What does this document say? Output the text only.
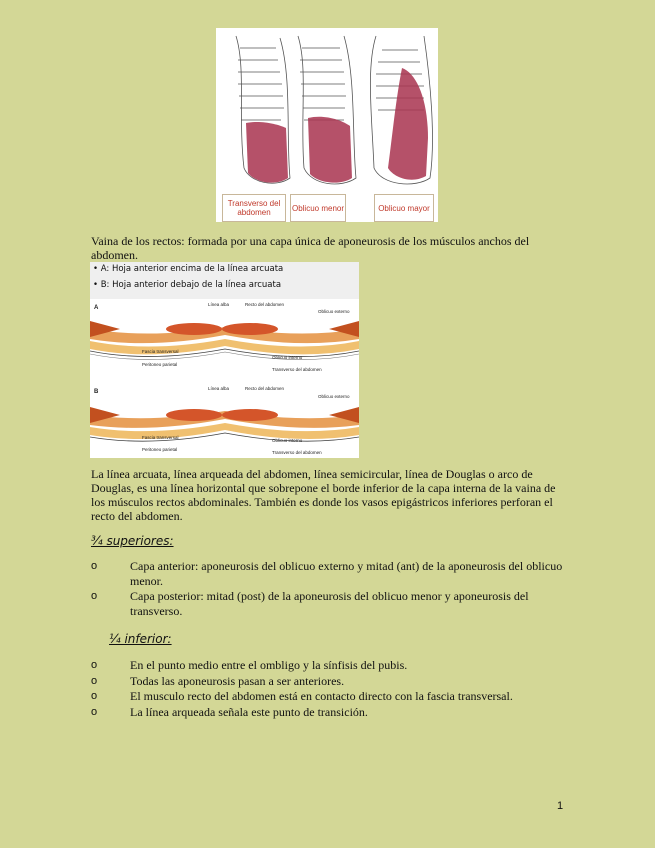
Transverso del abdomen	Oblicuo menor	Oblicuo mayor

Vaina de los rectos: formada por una capa única de aponeurosis de los músculos anchos del abdomen.

• A: Hoja anterior encima de la línea arcuata
• B: Hoja anterior debajo de la línea arcuata
A
Línea alba	Recto del abdomen
Oblicuo externo
Fascia transversal
Peritoneo parietal
Oblicuo interno
Transverso del abdomen
B
Línea alba	Recto del abdomen
Oblicuo externo
Fascia transversal
Peritoneo parietal
Oblicuo interno
Transverso del abdomen

La línea arcuata, línea arqueada del abdomen, línea semicircular, línea de Douglas o arco de Douglas, es una línea horizontal que sobrepone el borde inferior de la capa interna de la vaina de los músculos rectos abdominales. También es donde los vasos epigástricos inferiores perforan el recto del abdomen.

¾ superiores:
o	Capa anterior: aponeurosis del oblicuo externo y mitad (ant) de la aponeurosis del oblicuo menor.
o	Capa posterior: mitad (post) de la aponeurosis del oblicuo menor y aponeurosis del transverso.
¼ inferior:
o	En el punto medio entre el ombligo y la sínfisis del pubis.
o	Todas las aponeurosis pasan a ser anteriores.
o	El musculo recto del abdomen está en contacto directo con la fascia transversal.
o	La línea arqueada señala este punto de transición.
1
